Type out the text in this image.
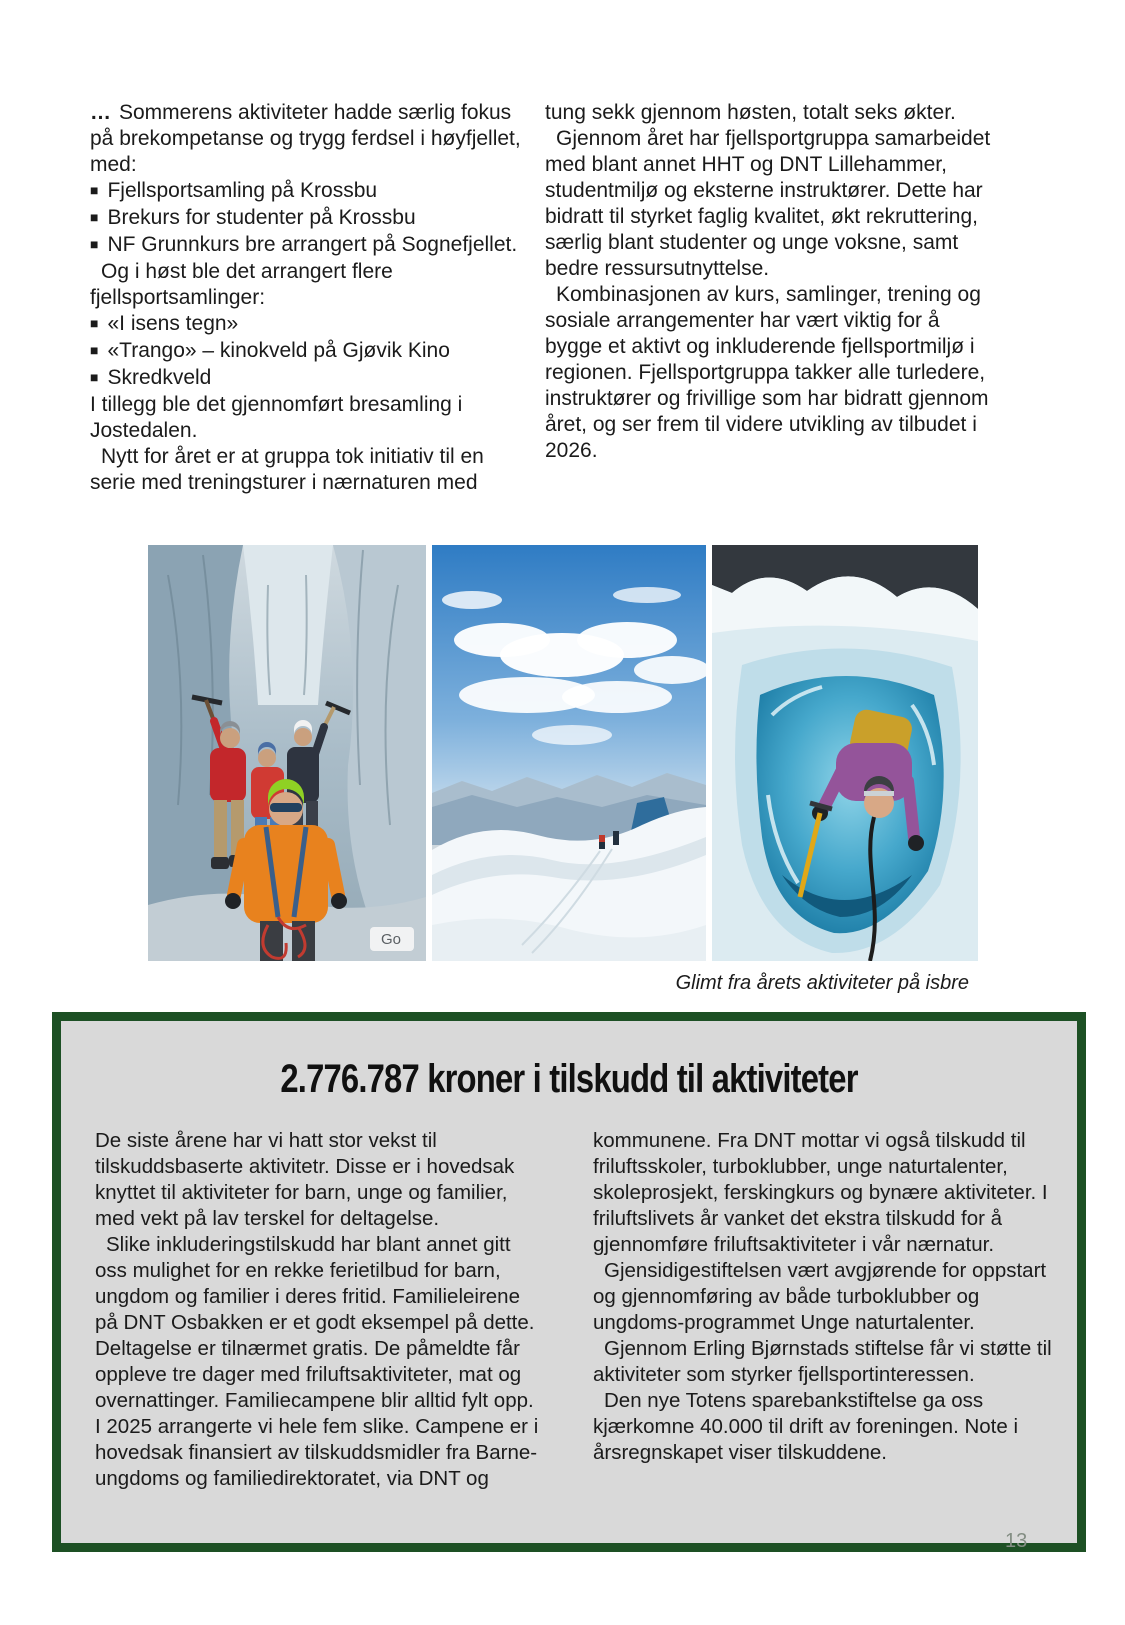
… Sommerens aktiviteter hadde særlig fokus på brekompetanse og trygg ferdsel i høyfjellet, med:

■ Fjellsportsamling på Krossbu

■ Brekurs for studenter på Krossbu

■ NF Grunnkurs bre arrangert på Sognefjellet.

Og i høst ble det arrangert flere fjellsportsamlinger:

■ «I isens tegn»

■ «Trango» – kinokveld på Gjøvik Kino

■ Skredkveld

I tillegg ble det gjennomført bresamling i Jostedalen.

Nytt for året er at gruppa tok initiativ til en serie med treningsturer i nærnaturen med

tung sekk gjennom høsten, totalt seks økter.

Gjennom året har fjellsportgruppa samarbeidet med blant annet HHT og DNT Lillehammer, studentmiljø og eksterne instruktører. Dette har bidratt til styrket faglig kvalitet, økt rekruttering, særlig blant studenter og unge voksne, samt bedre ressursutnyttelse.

Kombinasjonen av kurs, samlinger, trening og sosiale arrangementer har vært viktig for å bygge et aktivt og inkluderende fjellsportmiljø i regionen. Fjellsportgruppa takker alle turledere, instruktører og frivillige som har bidratt gjennom året, og ser frem til videre utvikling av tilbudet i 2026.

Go
Glimt fra årets aktiviteter på isbre
2.776.787 kroner i tilskudd til aktiviteter

De siste årene har vi hatt stor vekst til tilskuddsbaserte aktivitetr. Disse er i hovedsak knyttet til aktiviteter for barn, unge og familier, med vekt på lav terskel for deltagelse.

Slike inkluderingstilskudd har blant annet gitt oss mulighet for en rekke ferietilbud for barn, ungdom og familier i deres fritid. Familieleirene på DNT Osbakken er et godt eksempel på dette. Deltagelse er tilnærmet gratis. De påmeldte får oppleve tre dager med friluftsaktiviteter, mat og overnattinger. Familiecampene blir alltid fylt opp. I 2025 arrangerte vi hele fem slike. Campene er i hovedsak finansiert av tilskuddsmidler fra Barne- ungdoms og familiedirektoratet, via DNT og

kommunene. Fra DNT mottar vi også tilskudd til friluftsskoler, turboklubber, unge naturtalenter, skoleprosjekt, ferskingkurs og bynære aktiviteter. I friluftslivets år vanket det ekstra tilskudd for å gjennomføre friluftsaktiviteter i vår nærnatur.

Gjensidigestiftelsen vært avgjørende for oppstart og gjennomføring av både turboklubber og ungdoms-programmet Unge naturtalenter.

Gjennom Erling Bjørnstads stiftelse får vi støtte til aktiviteter som styrker fjellsportinteressen.

Den nye Totens sparebankstiftelse ga oss kjærkomne 40.000 til drift av foreningen. Note i årsregnskapet viser tilskuddene.

13
